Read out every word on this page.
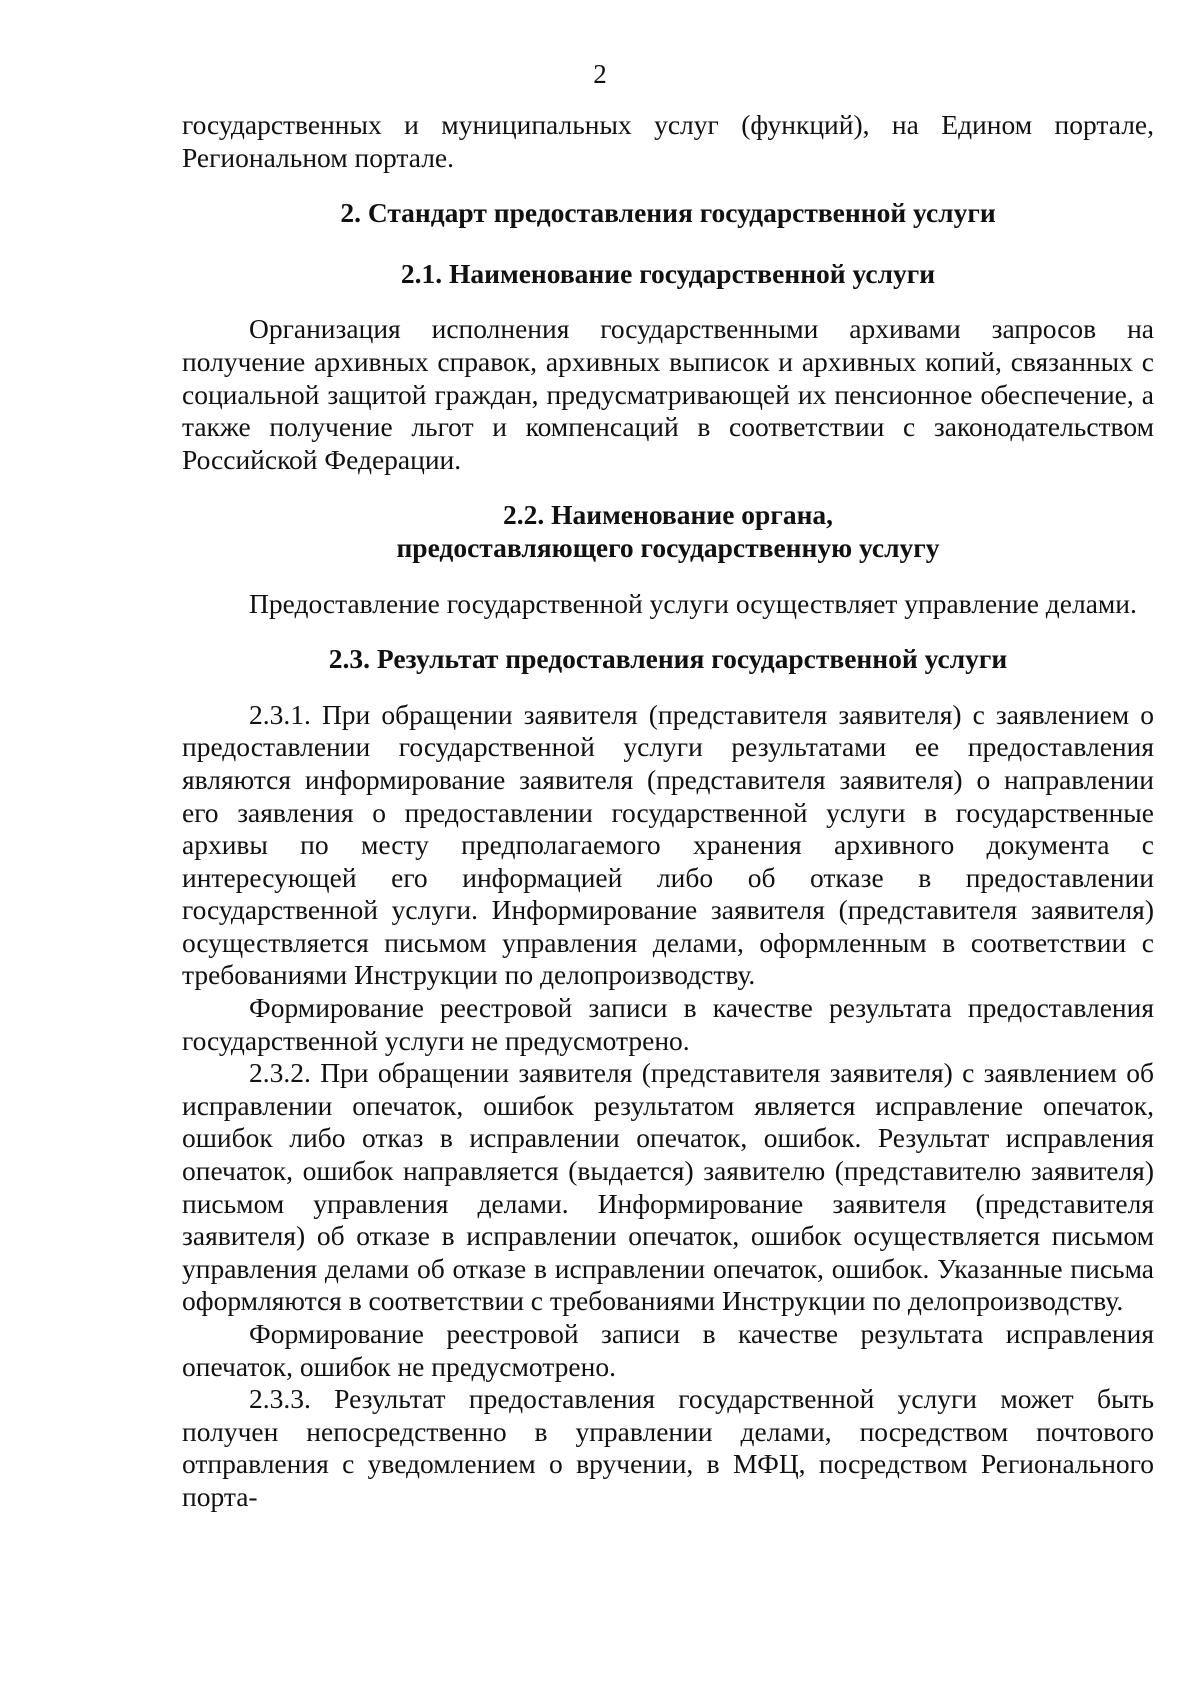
2

государственных и муниципальных услуг (функций), на Едином портале, Региональном портале.

2. Стандарт предоставления государственной услуги

2.1. Наименование государственной услуги

Организация исполнения государственными архивами запросов на получение архивных справок, архивных выписок и архивных копий, связанных с социальной защитой граждан, предусматривающей их пенсионное обеспечение, а также получение льгот и компенсаций в соответствии с законодательством Российской Федерации.

2.2. Наименование органа,

предоставляющего государственную услугу

Предоставление государственной услуги осуществляет управление делами.

2.3. Результат предоставления государственной услуги

2.3.1. При обращении заявителя (представителя заявителя) с заявлением о предоставлении государственной услуги результатами ее предоставления являются информирование заявителя (представителя заявителя) о направлении его заявления о предоставлении государственной услуги в государственные архивы по месту предполагаемого хранения архивного документа с интересующей его информацией либо об отказе в предоставлении государственной услуги. Информирование заявителя (представителя заявителя) осуществляется письмом управления делами, оформленным в соответствии с требованиями Инструкции по делопроизводству.

Формирование реестровой записи в качестве результата предоставления государственной услуги не предусмотрено.

2.3.2. При обращении заявителя (представителя заявителя) с заявлением об исправлении опечаток, ошибок результатом является исправление опечаток, ошибок либо отказ в исправлении опечаток, ошибок. Результат исправления опечаток, ошибок направляется (выдается) заявителю (представителю заявителя) письмом управления делами. Информирование заявителя (представителя заявителя) об отказе в исправлении опечаток, ошибок осуществляется письмом управления делами об отказе в исправлении опечаток, ошибок. Указанные письма оформляются в соответствии с требованиями Инструкции по делопроизводству.

Формирование реестровой записи в качестве результата исправления опечаток, ошибок не предусмотрено.

2.3.3. Результат предоставления государственной услуги может быть получен непосредственно в управлении делами, посредством почтового отправления с уведомлением о вручении, в МФЦ, посредством Регионального порта-
